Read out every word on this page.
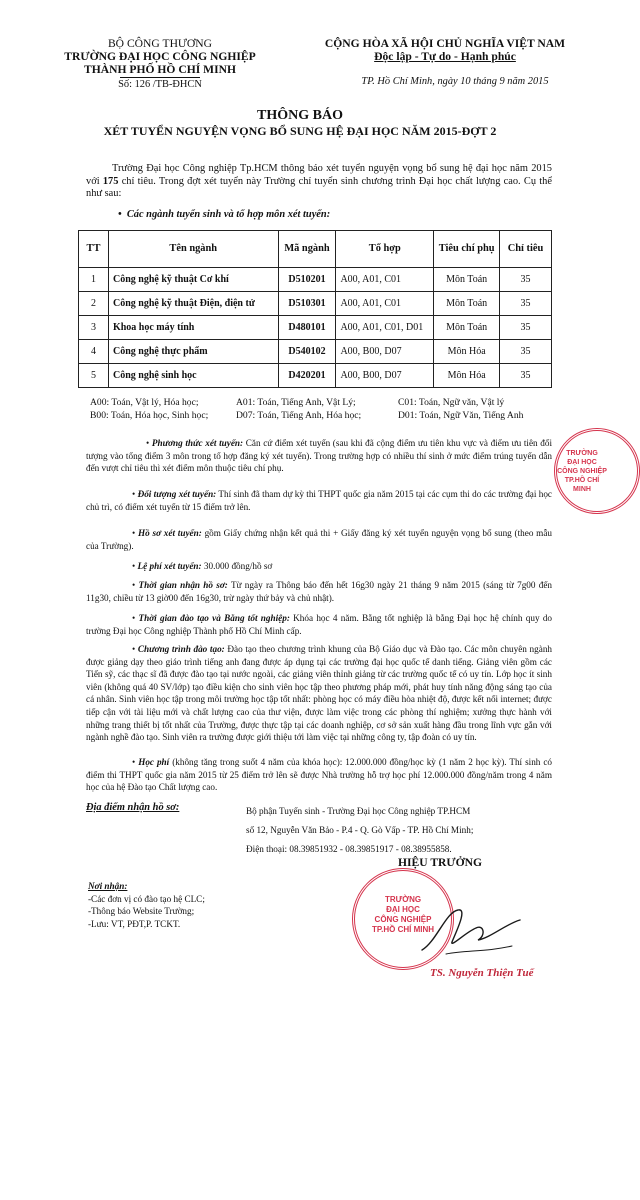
BỘ CÔNG THƯƠNG
TRƯỜNG ĐẠI HỌC CÔNG NGHIỆP
THÀNH PHỐ HỒ CHÍ MINH
Số: 126 /TB-ĐHCN
CỘNG HÒA XÃ HỘI CHỦ NGHĨA VIỆT NAM
Độc lập - Tự do - Hạnh phúc
TP. Hồ Chí Minh, ngày 10 tháng 9 năm 2015
THÔNG BÁO
XÉT TUYỂN NGUYỆN VỌNG BỔ SUNG HỆ ĐẠI HỌC NĂM 2015-ĐỢT 2

Trường Đại học Công nghiệp Tp.HCM thông báo xét tuyển nguyện vọng bổ sung hệ đại học năm 2015 với 175 chỉ tiêu. Trong đợt xét tuyển này Trường chỉ tuyển sinh chương trình Đại học chất lượng cao. Cụ thể như sau:

•  Các ngành tuyển sinh và tổ hợp môn xét tuyển:
TT	Tên ngành	Mã ngành	Tổ hợp	Tiêu chí phụ	Chỉ tiêu
1	Công nghệ kỹ thuật Cơ khí	D510201	A00, A01, C01	Môn Toán	35
2	Công nghệ kỹ thuật Điện, điện tử	D510301	A00, A01, C01	Môn Toán	35
3	Khoa học máy tính	D480101	A00, A01, C01, D01	Môn Toán	35
4	Công nghệ thực phẩm	D540102	A00, B00, D07	Môn Hóa	35
5	Công nghệ sinh học	D420201	A00, B00, D07	Môn Hóa	35
A00: Toán, Vật lý, Hóa học;	A01: Toán, Tiếng Anh, Vật Lý;	C01: Toán, Ngữ văn, Vật lý
B00: Toán, Hóa học, Sinh học;	D07: Toán, Tiếng Anh, Hóa học;	D01: Toán, Ngữ Văn, Tiếng Anh

• Phương thức xét tuyển: Căn cứ điểm xét tuyển (sau khi đã cộng điểm ưu tiên khu vực và điểm ưu tiên đối tượng vào tổng điểm 3 môn trong tổ hợp đăng ký xét tuyển). Trong trường hợp có nhiều thí sinh ở mức điểm trúng tuyển dẫn đến vượt chỉ tiêu thì xét điểm môn thuộc tiêu chí phụ.

• Đối tượng xét tuyển: Thí sinh đã tham dự kỳ thi THPT quốc gia năm 2015 tại các cụm thi do các trường đại học chủ trì, có điểm xét tuyển từ 15 điểm trở lên.

• Hồ sơ xét tuyển: gồm Giấy chứng nhận kết quả thi + Giấy đăng ký xét tuyển nguyện vọng bổ sung (theo mẫu của Trường).

• Lệ phí xét tuyển: 30.000 đồng/hồ sơ

• Thời gian nhận hồ sơ: Từ ngày ra Thông báo đến hết 16g30 ngày 21 tháng 9 năm 2015 (sáng từ 7g00 đến 11g30, chiều từ 13 giờ00 đến 16g30, trừ ngày thứ bảy và chủ nhật).

• Thời gian đào tạo và Bằng tốt nghiệp: Khóa học 4 năm. Bằng tốt nghiệp là bằng Đại học hệ chính quy do trường Đại học Công nghiệp Thành phố Hồ Chí Minh cấp.

• Chương trình đào tạo: Đào tạo theo chương trình khung của Bộ Giáo dục và Đào tạo. Các môn chuyên ngành được giảng dạy theo giáo trình tiếng anh đang được áp dụng tại các trường đại học quốc tế danh tiếng. Giảng viên gồm các Tiến sỹ, các thạc sĩ đã được đào tạo tại nước ngoài, các giảng viên thỉnh giảng từ các trường quốc tế có uy tín. Lớp học ít sinh viên (không quá 40 SV/lớp) tạo điều kiện cho sinh viên học tập theo phương pháp mới, phát huy tính năng động sáng tạo của cá nhân. Sinh viên học tập trong môi trường học tập tốt nhất: phòng học có máy điều hòa nhiệt độ, được kết nối internet; được tiếp cận với tài liệu mới và chất lượng cao của thư viện, được làm việc trong các phòng thí nghiệm; xưởng thực hành với những trang thiết bị tốt nhất của Trường, được thực tập tại các doanh nghiệp, cơ sở sản xuất hàng đầu trong lĩnh vực gắn với ngành nghề đào tạo. Sinh viên ra trường được giới thiệu tới làm việc tại những công ty, tập đoàn có uy tín.

• Học phí (không tăng trong suốt 4 năm của khóa học): 12.000.000 đồng/học kỳ (1 năm 2 học kỳ). Thí sinh có điểm thi THPT quốc gia năm 2015 từ 25 điểm trở lên sẽ được Nhà trường hỗ trợ học phí 12.000.000 đồng/năm trong 4 năm học của hệ Đào tạo Chất lượng cao.

Địa điểm nhận hồ sơ:	Bộ phận Tuyển sinh - Trường Đại học Công nghiệp TP.HCM
số 12, Nguyễn Văn Bảo - P.4 - Q. Gò Vấp - TP. Hồ Chí Minh;
Điện thoại: 08.39851932 - 08.39851917 - 08.38955858.
Nơi nhận:
-Các đơn vị có đào tạo hệ CLC;
-Thông báo Website Trường;
-Lưu: VT, PĐT,P. TCKT.
HIỆU TRƯỞNG
TRƯỜNG
ĐẠI HỌC
CÔNG NGHIỆP
TP.HỒ CHÍ MINH
TS. Nguyễn Thiện Tuế
TRƯỜNG
ĐẠI HỌC
CÔNG NGHIỆP
TP.HỒ CHÍ MINH
